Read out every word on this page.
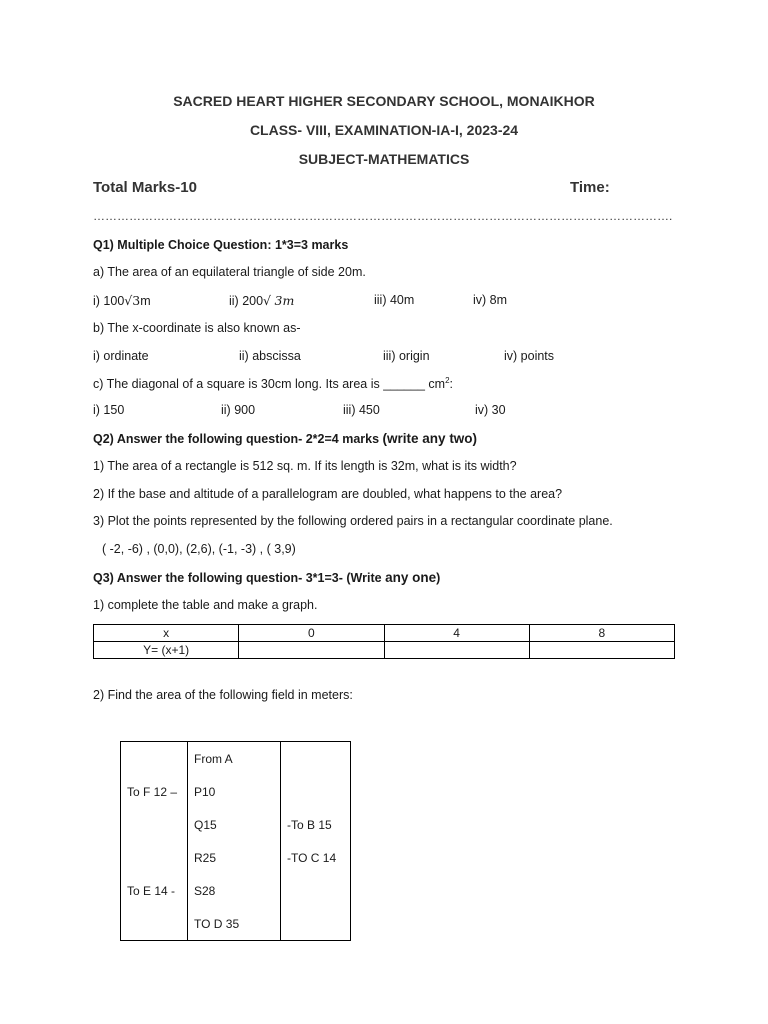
SACRED HEART HIGHER SECONDARY SCHOOL, MONAIKHOR
CLASS- VIII, EXAMINATION-IA-I, 2023-24
SUBJECT-MATHEMATICS
Total Marks-10	Time:
……………………………………………………………………………………………………………………………….
Q1) Multiple Choice Question: 1*3=3 marks
a) The area of an equilateral triangle of side 20m.
i) 100√3m	ii) 200√ 3m	iii) 40m	iv) 8m
b) The x-coordinate is also known as-
i) ordinate	ii) abscissa	iii) origin	iv) points
c) The diagonal of a square is 30cm long. Its area is ______ $cm^2$:
i) 150	ii) 900	iii) 450	iv) 30
Q2) Answer the following question- 2*2=4 marks (write any two)
1) The area of a rectangle is 512 sq. m. If its length is 32m, what is its width?
2) If the base and altitude of a parallelogram are doubled, what happens to the area?
3) Plot the points represented by the following ordered pairs in a rectangular coordinate plane.
( -2, -6) , (0,0), (2,6), (-1, -3) , ( 3,9)
Q3) Answer the following question- 3*1=3- (Write any one)
1) complete the table and make a graph.
x	0	4	8
Y= (x+1)			
2) Find the area of the following field in meters:
	From A	
To F 12 –	P10	
	Q15	-To B 15
	R25	-TO C 14
To E 14 -	S28	
	TO D 35	
